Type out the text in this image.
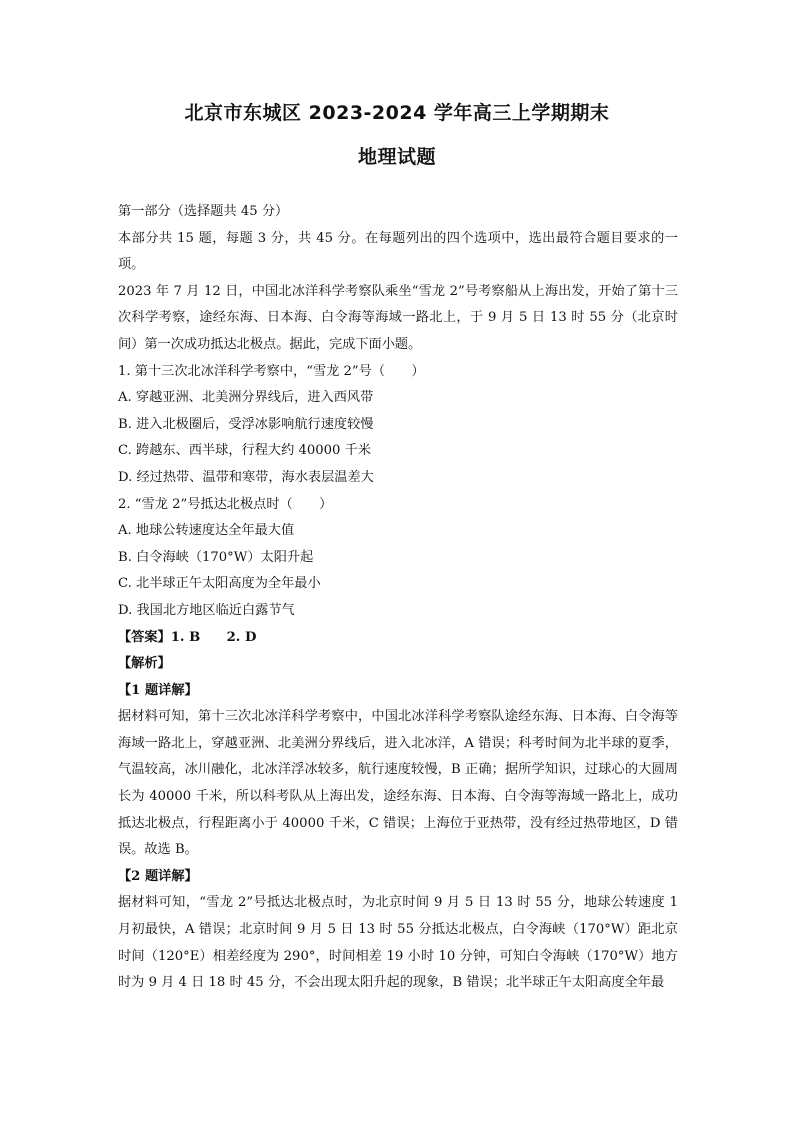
北京市东城区 2023-2024 学年高三上学期期末
地理试题

第一部分（选择题共 45 分）

本部分共 15 题，每题 3 分，共 45 分。在每题列出的四个选项中，选出最符合题目要求的一项。

2023 年 7 月 12 日，中国北冰洋科学考察队乘坐“雪龙 2”号考察船从上海出发，开始了第十三次科学考察，途经东海、日本海、白令海等海域一路北上，于 9 月 5 日 13 时 55 分（北京时间）第一次成功抵达北极点。据此，完成下面小题。

1. 第十三次北冰洋科学考察中，“雪龙 2”号（　　）

A. 穿越亚洲、北美洲分界线后，进入西风带

B. 进入北极圈后，受浮冰影响航行速度较慢

C. 跨越东、西半球，行程大约 40000 千米

D. 经过热带、温带和寒带，海水表层温差大

2. “雪龙 2”号抵达北极点时（　　）

A. 地球公转速度达全年最大值

B. 白令海峡（170°W）太阳升起

C. 北半球正午太阳高度为全年最小

D. 我国北方地区临近白露节气

【答案】1. B　　2. D

【解析】

【1 题详解】

据材料可知，第十三次北冰洋科学考察中，中国北冰洋科学考察队途经东海、日本海、白令海等海域一路北上，穿越亚洲、北美洲分界线后，进入北冰洋，A 错误；科考时间为北半球的夏季，气温较高，冰川融化，北冰洋浮冰较多，航行速度较慢，B 正确；据所学知识，过球心的大圆周长为 40000 千米，所以科考队从上海出发，途经东海、日本海、白令海等海域一路北上，成功抵达北极点，行程距离小于 40000 千米，C 错误；上海位于亚热带，没有经过热带地区，D 错误。故选 B。

【2 题详解】

据材料可知，“雪龙 2”号抵达北极点时，为北京时间 9 月 5 日 13 时 55 分，地球公转速度 1 月初最快，A 错误；北京时间 9 月 5 日 13 时 55 分抵达北极点，白令海峡（170°W）距北京时间（120°E）相差经度为 290°，时间相差 19 小时 10 分钟，可知白令海峡（170°W）地方时为 9 月 4 日 18 时 45 分，不会出现太阳升起的现象，B 错误；北半球正午太阳高度全年最
